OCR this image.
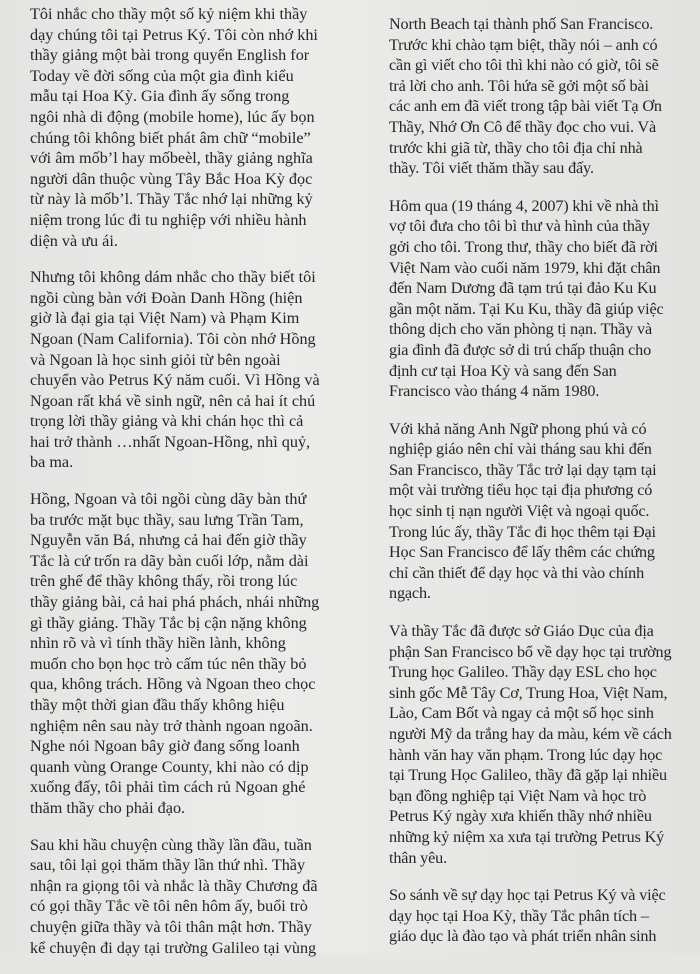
Tôi nhắc cho thầy một số kỷ niệm khi thầy
dạy chúng tôi tại Petrus Ký. Tôi còn nhớ khi
thầy giảng một bài trong quyển English for
Today về đời sống của một gia đình kiểu
mẫu tại Hoa Kỳ. Gia đình ấy sống trong
ngôi nhà di động (mobile home), lúc ấy bọn
chúng tôi không biết phát âm chữ “mobile”
với âm mốb’l hay mốbeèl, thầy giảng nghĩa
người dân thuộc vùng Tây Bắc Hoa Kỳ đọc
từ này là mốb’l. Thầy Tắc nhớ lại những kỷ
niệm trong lúc đi tu nghiệp với nhiều hành
diện và ưu ái.

Nhưng tôi không dám nhắc cho thầy biết tôi
ngồi cùng bàn với Đoàn Danh Hồng (hiện
giờ là đại gia tại Việt Nam) và Phạm Kim
Ngoan (Nam California). Tôi còn nhớ Hồng
và Ngoan là học sinh giỏi từ bên ngoài
chuyển vào Petrus Ký năm cuối. Vì Hồng và
Ngoan rất khá về sinh ngữ, nên cả hai ít chú
trọng lời thầy giảng và khi chán học thì cả
hai trở thành …nhất Ngoan-Hồng, nhì quỷ,
ba ma.

Hồng, Ngoan và tôi ngồi cùng dãy bàn thứ
ba trước mặt bục thầy, sau lưng Trần Tam,
Nguyễn văn Bá, nhưng cả hai đến giờ thầy
Tắc là cứ trốn ra dãy bàn cuối lớp, nằm dài
trên ghế để thầy không thấy, rồi trong lúc
thầy giảng bài, cả hai phá phách, nhái những
gì thầy giảng. Thầy Tắc bị cận nặng không
nhìn rõ và vì tính thầy hiền lành, không
muốn cho bọn học trò cấm túc nên thầy bỏ
qua, không trách. Hồng và Ngoan theo chọc
thầy một thời gian đầu thấy không hiệu
nghiệm nên sau này trở thành ngoan ngoãn.
Nghe nói Ngoan bây giờ đang sống loanh
quanh vùng Orange County, khi nào có dịp
xuống đấy, tôi phải tìm cách rủ Ngoan ghé
thăm thầy cho phải đạo.

Sau khi hầu chuyện cùng thầy lần đầu, tuần
sau, tôi lại gọi thăm thầy lần thứ nhì. Thầy
nhận ra giọng tôi và nhắc là thầy Chương đã
có gọi thầy Tắc về tôi nên hôm ấy, buổi trò
chuyện giữa thầy và tôi thân mật hơn. Thầy
kể chuyện đi dạy tại trường Galileo tại vùng

North Beach tại thành phố San Francisco.
Trước khi chào tạm biệt, thầy nói – anh có
cần gì viết cho tôi thì khi nào có giờ, tôi sẽ
trả lời cho anh. Tôi hứa sẽ gởi một số bài
các anh em đã viết trong tập bài viết Tạ Ơn
Thầy, Nhớ Ơn Cô để thầy đọc cho vui. Và
trước khi giã từ, thầy cho tôi địa chỉ nhà
thầy. Tôi viết thăm thầy sau đấy.

Hôm qua (19 tháng 4, 2007) khi về nhà thì
vợ tôi đưa cho tôi bì thư và hình của thầy
gởi cho tôi. Trong thư, thầy cho biết đã rời
Việt Nam vào cuối năm 1979, khi đặt chân
đến Nam Dương đã tạm trú tại đảo Ku Ku
gần một năm. Tại Ku Ku, thầy đã giúp việc
thông dịch cho văn phòng tị nạn. Thầy và
gia đình đã được sở di trú chấp thuận cho
định cư tại Hoa Kỳ và sang đến San
Francisco vào tháng 4 năm 1980.

Với khả năng Anh Ngữ phong phú và có
nghiệp giáo nên chỉ vài tháng sau khi đến
San Francisco, thầy Tắc trở lại dạy tạm tại
một vài trường tiểu học tại địa phương có
học sinh tị nạn người Việt và ngoại quốc.
Trong lúc ấy, thầy Tắc đi học thêm tại Đại
Học San Francisco để lấy thêm các chứng
chỉ cần thiết để dạy học và thi vào chính
ngạch.

Và thầy Tắc đã được sở Giáo Dục của địa
phận San Francisco bổ về dạy học tại trường
Trung học Galileo. Thầy dạy ESL cho học
sinh gốc Mễ Tây Cơ, Trung Hoa, Việt Nam,
Lào, Cam Bốt và ngay cả một số học sinh
người Mỹ da trắng hay da màu, kém về cách
hành văn hay văn phạm. Trong lúc dạy học
tại Trung Học Galileo, thầy đã gặp lại nhiều
bạn đồng nghiệp tại Việt Nam và học trò
Petrus Ký ngày xưa khiến thầy nhớ nhiều
những kỷ niệm xa xưa tại trường Petrus Ký
thân yêu.

So sánh về sự dạy học tại Petrus Ký và việc
dạy học tại Hoa Kỳ, thầy Tắc phân tích –
giáo dục là đào tạo và phát triển nhân sinh
